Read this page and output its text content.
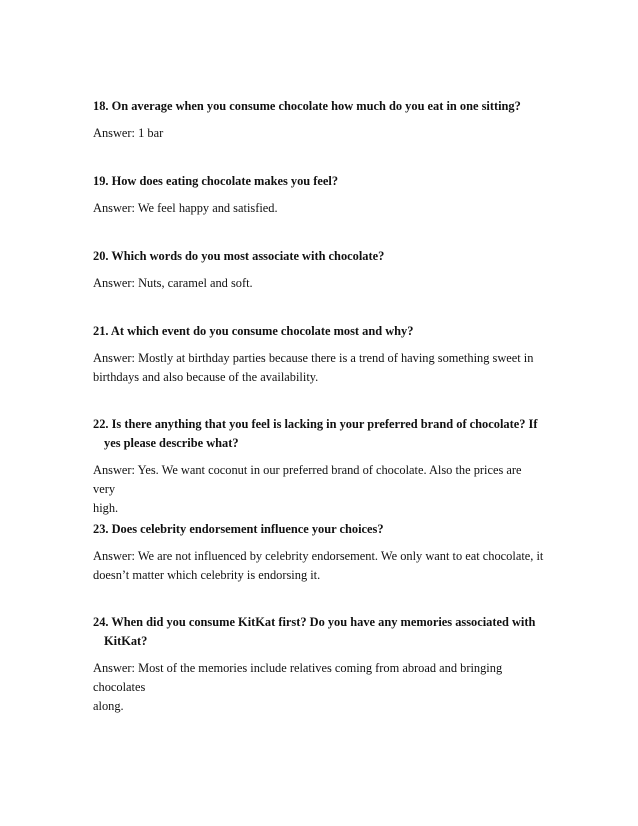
18. On average when you consume chocolate how much do you eat in one sitting?

Answer: 1 bar

19. How does eating chocolate makes you feel?

Answer: We feel happy and satisfied.

20. Which words do you most associate with chocolate?

Answer: Nuts, caramel and soft.

21. At which event do you consume chocolate most and why?

Answer: Mostly at birthday parties because there is a trend of having something sweet in

birthdays and also because of the availability.

22. Is there anything that you feel is lacking in your preferred brand of chocolate? If
yes please describe what?

Answer: Yes. We want coconut in our preferred brand of chocolate. Also the prices are very

high.

23. Does celebrity endorsement influence your choices?

Answer: We are not influenced by celebrity endorsement. We only want to eat chocolate, it

doesn’t matter which celebrity is endorsing it.

24. When did you consume KitKat first? Do you have any memories associated with
KitKat?

Answer: Most of the memories include relatives coming from abroad and bringing chocolates

along.
